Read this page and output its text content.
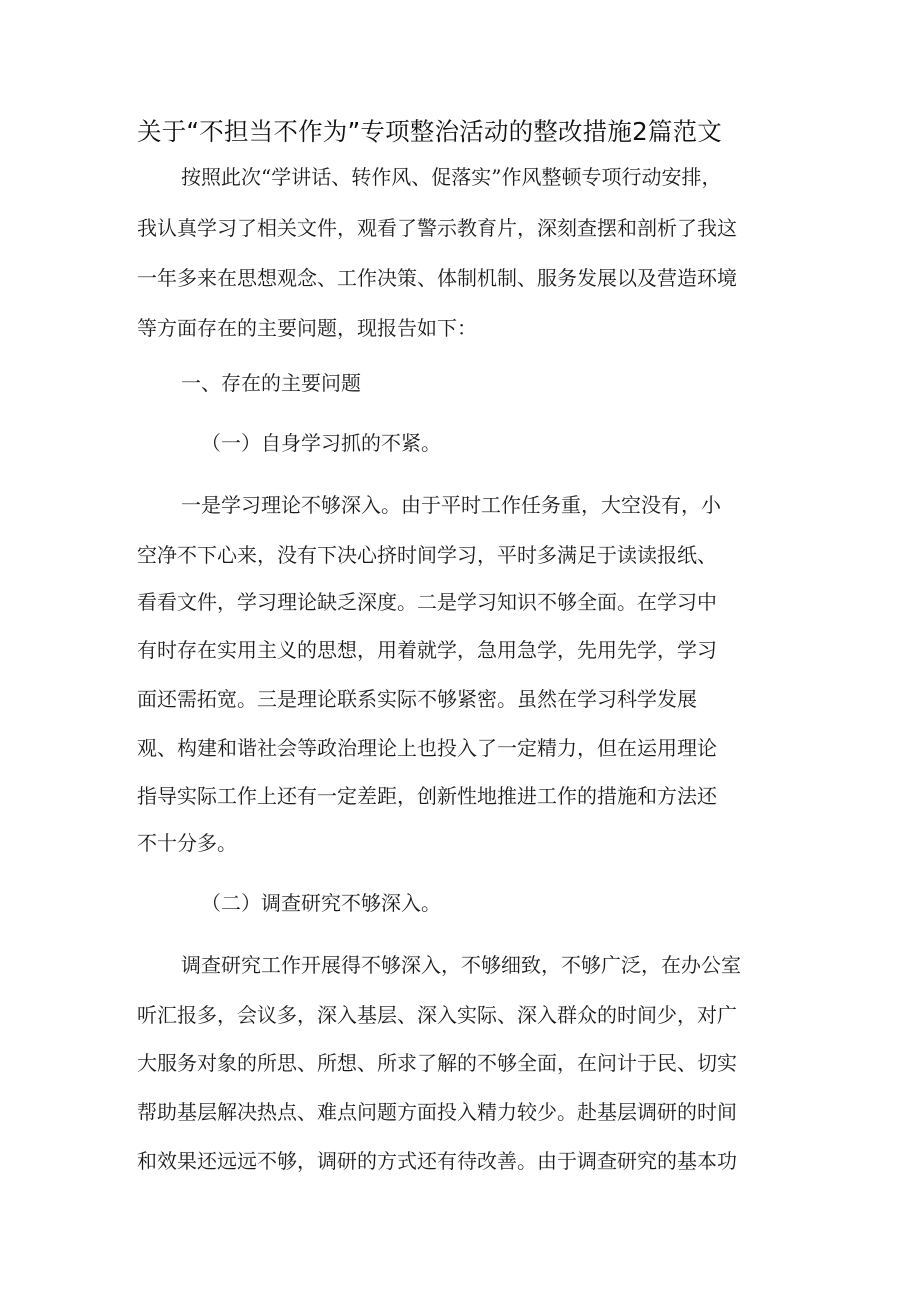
关于“不担当不作为”专项整治活动的整改措施2篇范文

按照此次“学讲话、转作风、促落实”作风整顿专项行动安排，

我认真学习了相关文件，观看了警示教育片，深刻查摆和剖析了我这

一年多来在思想观念、工作决策、体制机制、服务发展以及营造环境

等方面存在的主要问题，现报告如下：

一、存在的主要问题

（一）自身学习抓的不紧。

一是学习理论不够深入。由于平时工作任务重，大空没有，小

空净不下心来，没有下决心挤时间学习，平时多满足于读读报纸、

看看文件，学习理论缺乏深度。二是学习知识不够全面。在学习中

有时存在实用主义的思想，用着就学，急用急学，先用先学，学习

面还需拓宽。三是理论联系实际不够紧密。虽然在学习科学发展

观、构建和谐社会等政治理论上也投入了一定精力，但在运用理论

指导实际工作上还有一定差距，创新性地推进工作的措施和方法还

不十分多。

（二）调查研究不够深入。

调查研究工作开展得不够深入，不够细致，不够广泛，在办公室

听汇报多，会议多，深入基层、深入实际、深入群众的时间少，对广

大服务对象的所思、所想、所求了解的不够全面，在问计于民、切实

帮助基层解决热点、难点问题方面投入精力较少。赴基层调研的时间

和效果还远远不够，调研的方式还有待改善。由于调查研究的基本功
